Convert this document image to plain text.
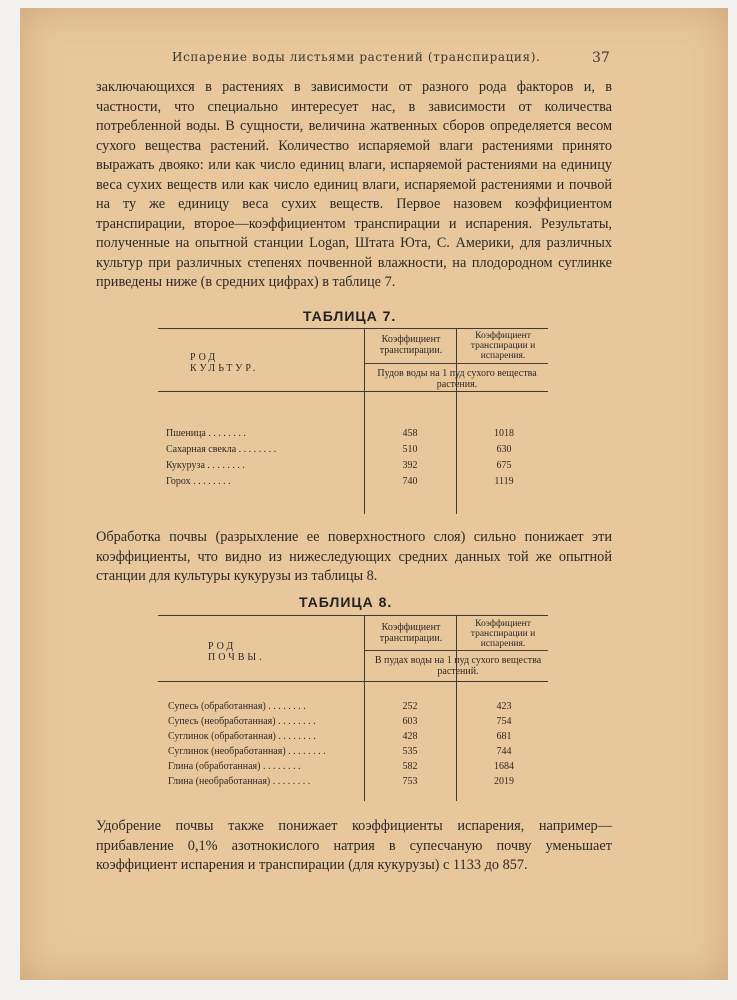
Испарение воды листьями растений (транспирация).	37
заключающихся в растениях в зависимости от разного рода факторов и, в частности, что специально интересует нас, в зависимости от количества потребленной воды. В сущности, величина жатвенных сборов определяется весом сухого вещества растений. Количество испаряемой влаги растениями принято выражать двояко: или как число единиц влаги, испаряемой растениями на единицу веса сухих веществ или как число единиц влаги, испаряемой растениями и почвой на ту же единицу веса сухих веществ. Первое назовем коэффициентом транспирации, второе—коэффициентом транспирации и испарения. Результаты, полученные на опытной станции Logan, Штата Юта, С. Америки, для различных культур при различных степенях почвенной влажности, на плодородном суглинке приведены ниже (в средних цифрах) в таблице 7.
ТАБЛИЦА 7.
РОД КУЛЬТУР.
Коэффициент транспирации.
Коэффициент транспирации и испарения.
Пудов воды на 1 пуд сухого вещества растения.
Пшеница . . . . . . . .
Сахарная свекла . . . . . . . .
Кукуруза . . . . . . . .
Горох . . . . . . . .
458
510
392
740
1018
630
675
1119
Обработка почвы (разрыхление ее поверхностного слоя) сильно понижает эти коэффициенты, что видно из нижеследующих средних данных той же опытной станции для культуры кукурузы из таблицы 8.
ТАБЛИЦА 8.
РОД ПОЧВЫ.
Коэффициент транспирации.
Коэффициент транспирации и испарения.
В пудах воды на 1 пуд сухого вещества растений.
Супесь (обработанная) . . . . . . . .
Супесь (необработанная) . . . . . . . .
Суглинок (обработанная) . . . . . . . .
Суглинок (необработанная) . . . . . . . .
Глина (обработанная) . . . . . . . .
Глина (необработанная) . . . . . . . .
252
603
428
535
582
753
423
754
681
744
1684
2019
Удобрение почвы также понижает коэффициенты испарения, например—прибавление 0,1% азотнокислого натрия в супесчаную почву уменьшает коэффициент испарения и транспирации (для кукурузы) с 1133 до 857.
